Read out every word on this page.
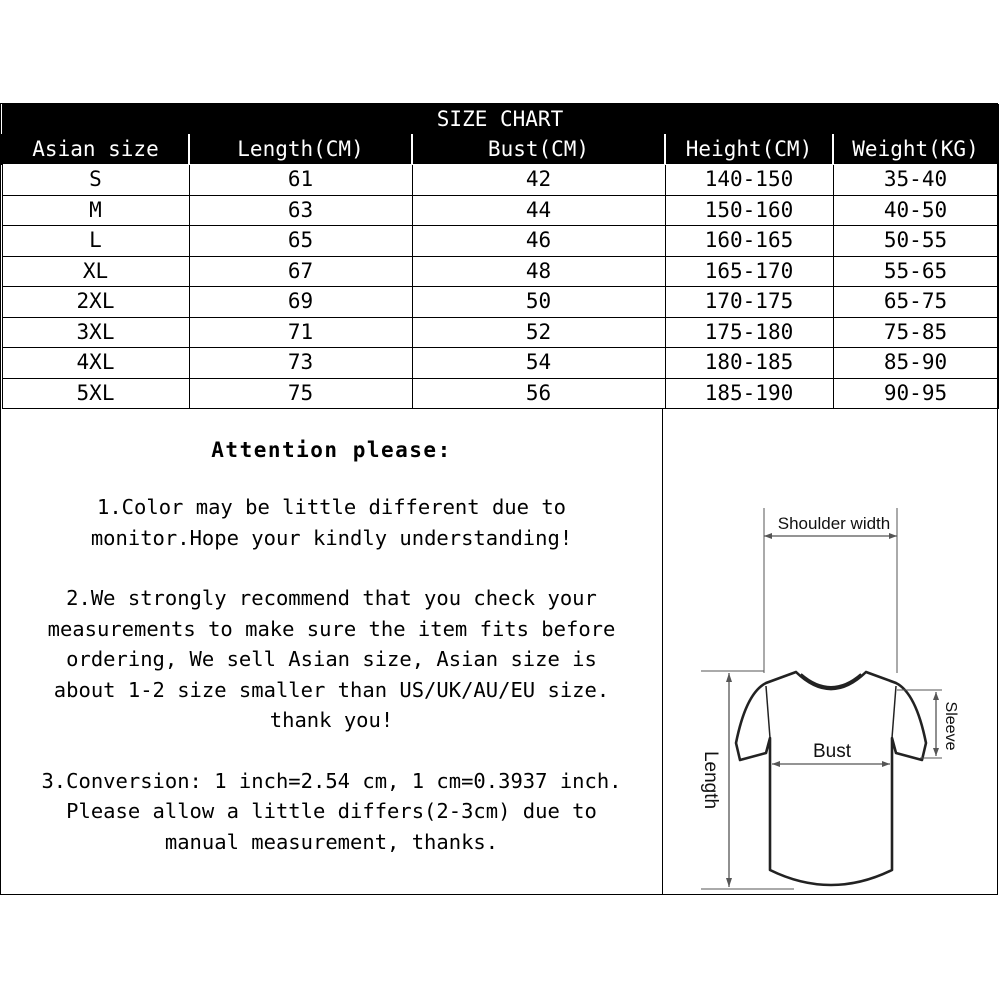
SIZE CHART				
Asian size	Length(CM)	Bust(CM)	Height(CM)	Weight(KG)
S	61	42	140-150	35-40
M	63	44	150-160	40-50
L	65	46	160-165	50-55
XL	67	48	165-170	55-65
2XL	69	50	170-175	65-75
3XL	71	52	175-180	75-85
4XL	73	54	180-185	85-90
5XL	75	56	185-190	90-95
Attention please:

1.Color may be little different due to
monitor.Hope your kindly understanding!

2.We strongly recommend that you check your
measurements to make sure the item fits before
ordering, We sell Asian size, Asian size is
about 1-2 size smaller than US/UK/AU/EU size.
thank you!

3.Conversion: 1 inch=2.54 cm, 1 cm=0.3937 inch.
Please allow a little differs(2-3cm) due to
manual measurement, thanks.

Shoulder width
Bust
Length
Sleeve
